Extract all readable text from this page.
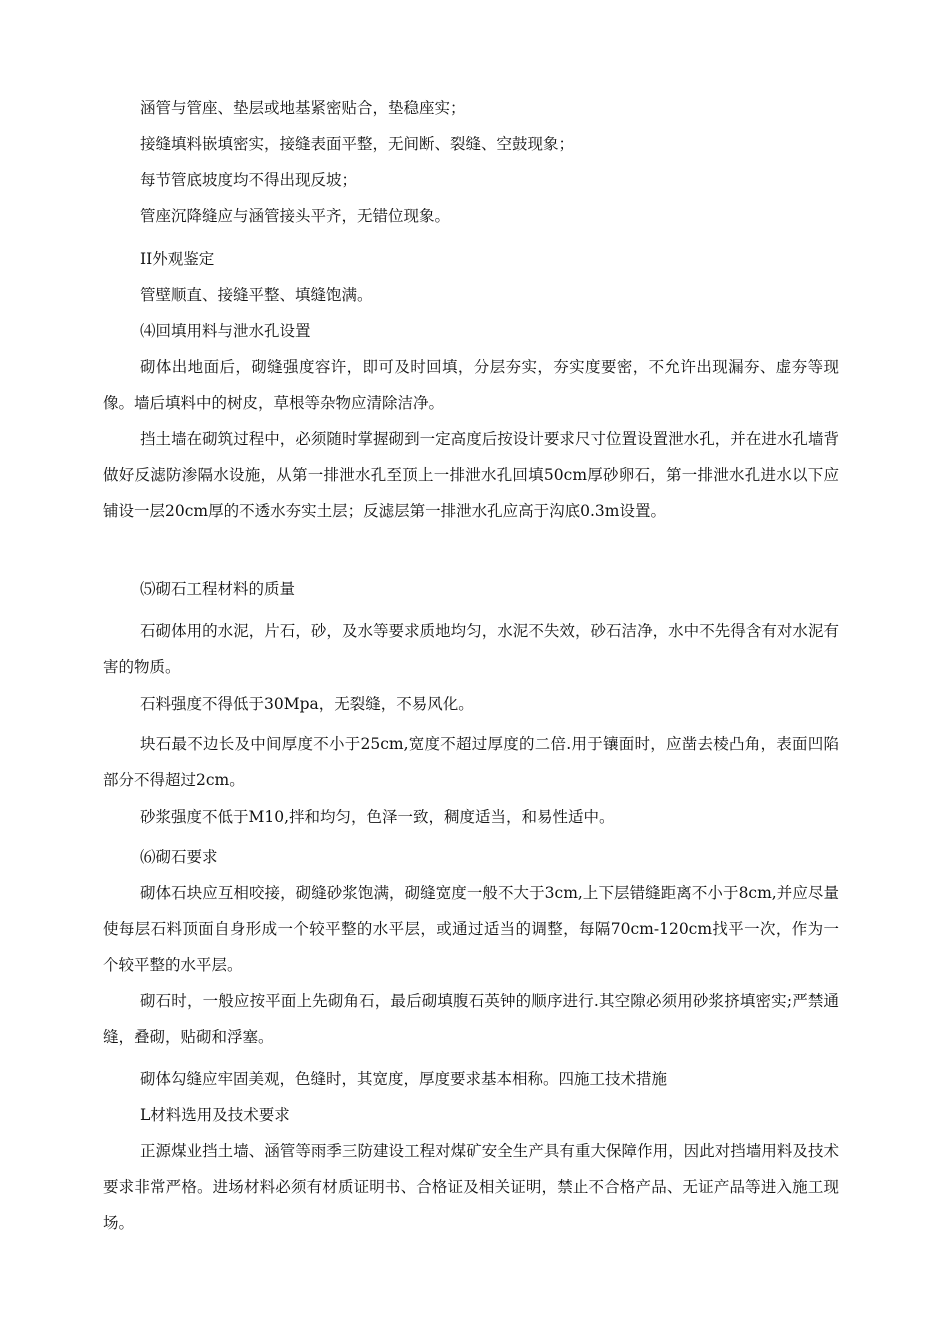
涵管与管座、垫层或地基紧密贴合，垫稳座实；

接缝填料嵌填密实，接缝表面平整，无间断、裂缝、空鼓现象；

每节管底坡度均不得出现反坡；

管座沉降缝应与涵管接头平齐，无错位现象。

II外观鉴定

管壁顺直、接缝平整、填缝饱满。

⑷回填用料与泄水孔设置

砌体出地面后，砌缝强度容许，即可及时回填，分层夯实，夯实度要密，不允许出现漏夯、虚夯等现像。墙后填料中的树皮，草根等杂物应清除洁净。

挡土墙在砌筑过程中，必须随时掌握砌到一定高度后按设计要求尺寸位置设置泄水孔，并在进水孔墙背做好反滤防渗隔水设施，从第一排泄水孔至顶上一排泄水孔回填50cm厚砂卵石，第一排泄水孔进水以下应铺设一层20cm厚的不透水夯实土层；反滤层第一排泄水孔应高于沟底0.3m设置。

⑸砌石工程材料的质量

石砌体用的水泥，片石，砂，及水等要求质地均匀，水泥不失效，砂石洁净，水中不先得含有对水泥有害的物质。

石料强度不得低于30Mpa，无裂缝，不易风化。

块石最不边长及中间厚度不小于25cm,宽度不超过厚度的二倍.用于镶面时，应凿去棱凸角，表面凹陷部分不得超过2cm。

砂浆强度不低于M10,拌和均匀，色泽一致，稠度适当，和易性适中。

⑹砌石要求

砌体石块应互相咬接，砌缝砂浆饱满，砌缝宽度一般不大于3cm,上下层错缝距离不小于8cm,并应尽量使每层石料顶面自身形成一个较平整的水平层，或通过适当的调整，每隔70cm-120cm找平一次，作为一个较平整的水平层。

砌石时，一般应按平面上先砌角石，最后砌填腹石英钟的顺序进行.其空隙必须用砂浆挤填密实;严禁通缝，叠砌，贴砌和浮塞。

砌体勾缝应牢固美观，色缝时，其宽度，厚度要求基本相称。四施工技术措施

L材料选用及技术要求

正源煤业挡土墙、涵管等雨季三防建设工程对煤矿安全生产具有重大保障作用，因此对挡墙用料及技术要求非常严格。进场材料必须有材质证明书、合格证及相关证明，禁止不合格产品、无证产品等进入施工现场。
